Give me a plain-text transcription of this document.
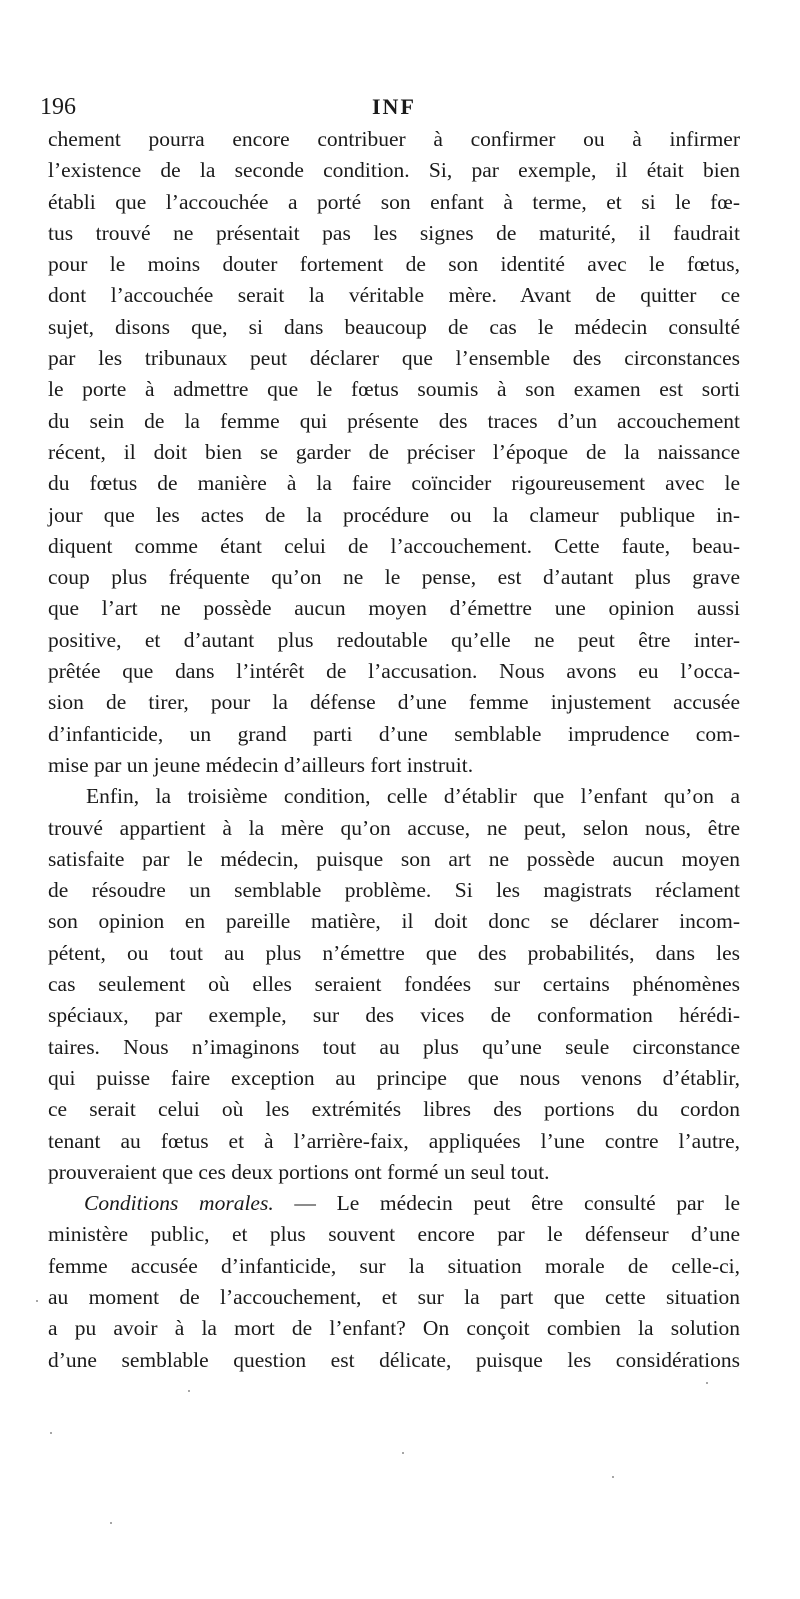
196	INF
chement pourra encore contribuer à confirmer ou à infirmer
l’existence de la seconde condition. Si, par exemple, il était bien
établi que l’accouchée a porté son enfant à terme, et si le fœ-
tus trouvé ne présentait pas les signes de maturité, il faudrait
pour le moins douter fortement de son identité avec le fœtus,
dont l’accouchée serait la véritable mère. Avant de quitter ce
sujet, disons que, si dans beaucoup de cas le médecin consulté
par les tribunaux peut déclarer que l’ensemble des circonstances
le porte à admettre que le fœtus soumis à son examen est sorti
du sein de la femme qui présente des traces d’un accouchement
récent, il doit bien se garder de préciser l’époque de la naissance
du fœtus de manière à la faire coïncider rigoureusement avec le
jour que les actes de la procédure ou la clameur publique in-
diquent comme étant celui de l’accouchement. Cette faute, beau-
coup plus fréquente qu’on ne le pense, est d’autant plus grave
que l’art ne possède aucun moyen d’émettre une opinion aussi
positive, et d’autant plus redoutable qu’elle ne peut être inter-
prêtée que dans l’intérêt de l’accusation. Nous avons eu l’occa-
sion de tirer, pour la défense d’une femme injustement accusée
d’infanticide, un grand parti d’une semblable imprudence com-
mise par un jeune médecin d’ailleurs fort instruit.
Enfin, la troisième condition, celle d’établir que l’enfant qu’on a
trouvé appartient à la mère qu’on accuse, ne peut, selon nous, être
satisfaite par le médecin, puisque son art ne possède aucun moyen
de résoudre un semblable problème. Si les magistrats réclament
son opinion en pareille matière, il doit donc se déclarer incom-
pétent, ou tout au plus n’émettre que des probabilités, dans les
cas seulement où elles seraient fondées sur certains phénomènes
spéciaux, par exemple, sur des vices de conformation hérédi-
taires. Nous n’imaginons tout au plus qu’une seule circonstance
qui puisse faire exception au principe que nous venons d’établir,
ce serait celui où les extrémités libres des portions du cordon
tenant au fœtus et à l’arrière-faix, appliquées l’une contre l’autre,
prouveraient que ces deux portions ont formé un seul tout.
Conditions morales. — Le médecin peut être consulté par le
ministère public, et plus souvent encore par le défenseur d’une
femme accusée d’infanticide, sur la situation morale de celle-ci,
au moment de l’accouchement, et sur la part que cette situation
a pu avoir à la mort de l’enfant? On conçoit combien la solution
d’une semblable question est délicate, puisque les considérations
